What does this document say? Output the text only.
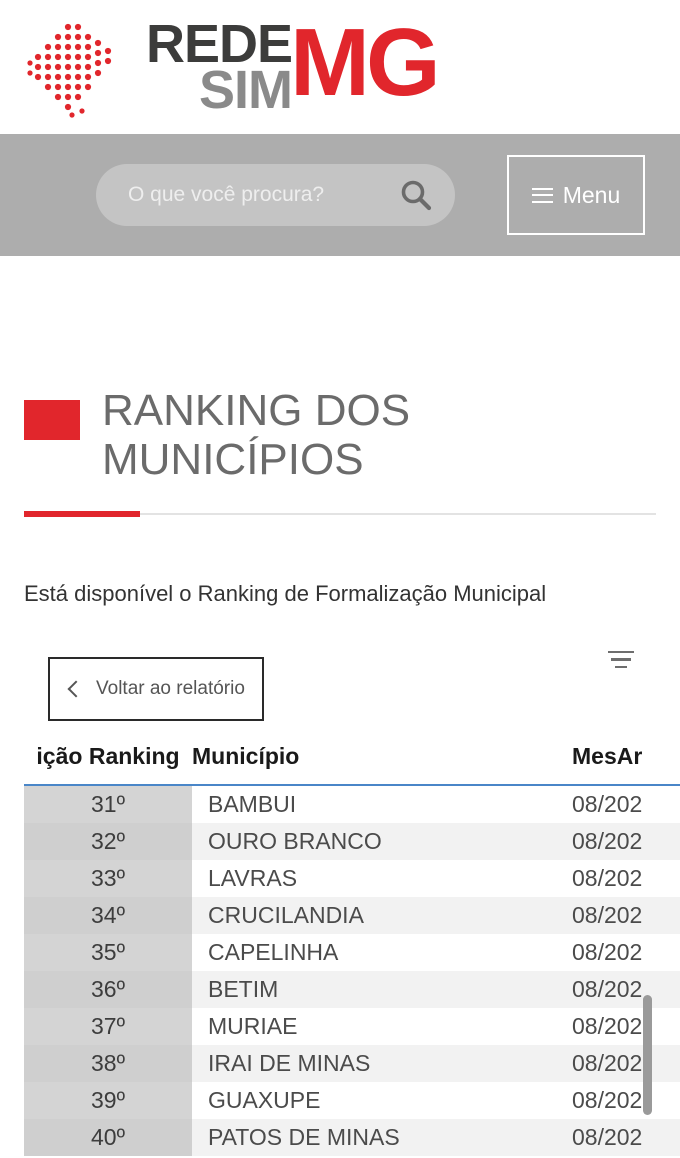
REDE
SIM
MG
O que você procura?
Menu
RANKING DOS MUNICÍPIOS

Está disponível o Ranking de Formalização Municipal

Voltar ao relatório
ição Ranking	Município	MesAr
31º	BAMBUI	08/202
32º	OURO BRANCO	08/202
33º	LAVRAS	08/202
34º	CRUCILANDIA	08/202
35º	CAPELINHA	08/202
36º	BETIM	08/202
37º	MURIAE	08/202
38º	IRAI DE MINAS	08/202
39º	GUAXUPE	08/202
40º	PATOS DE MINAS	08/202
